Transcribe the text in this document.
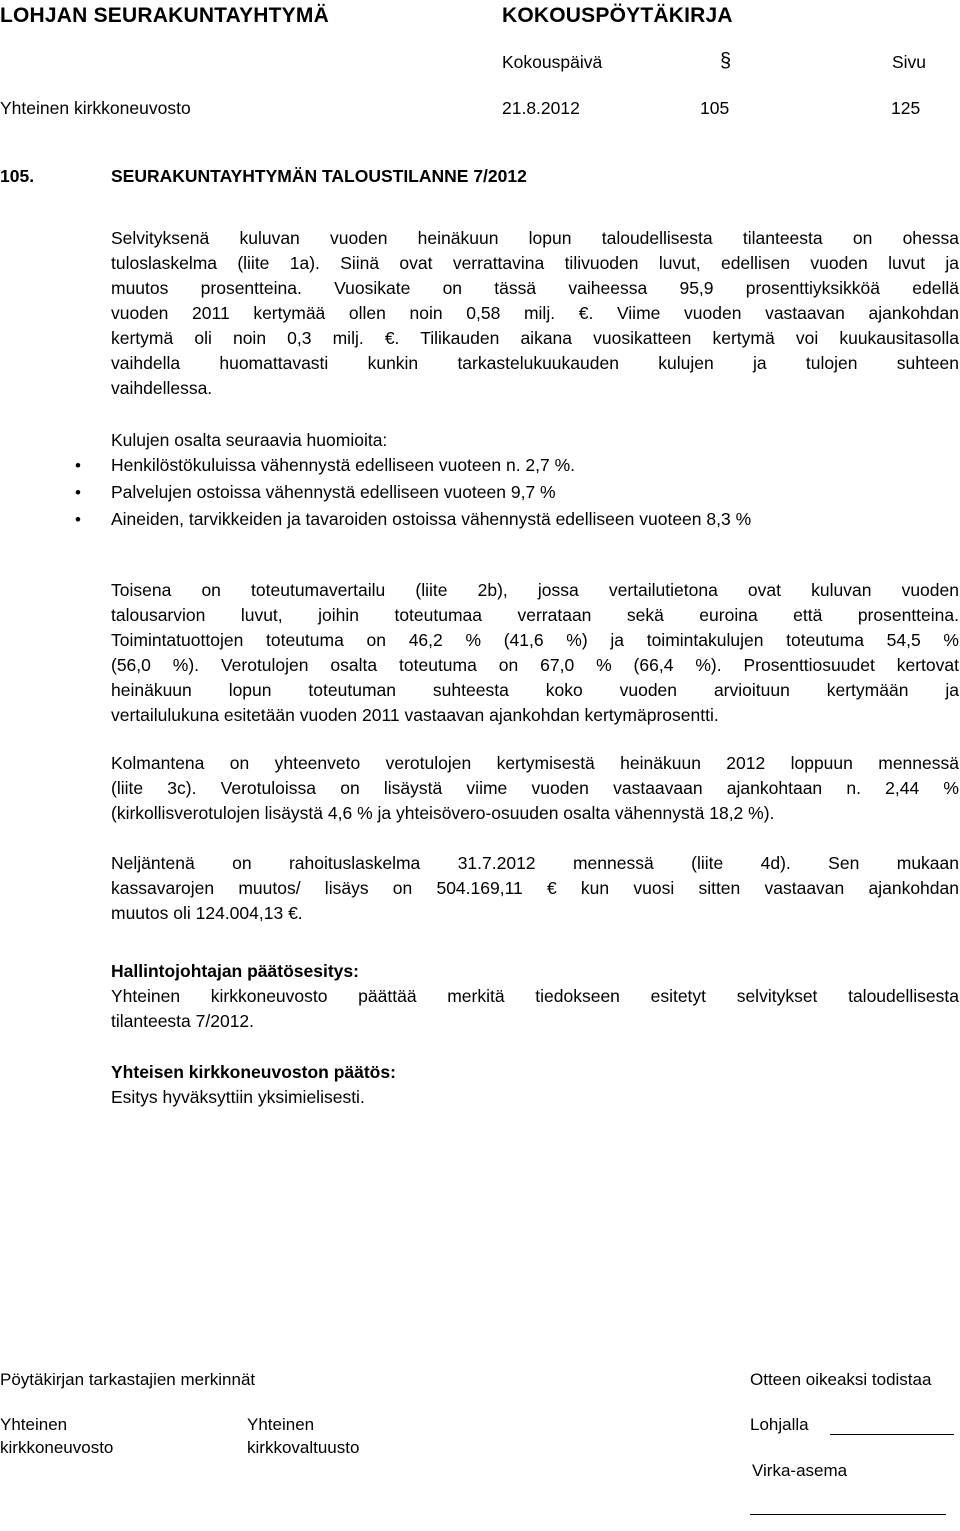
LOHJAN SEURAKUNTAYHTYMÄ	KOKOUSPÖYTÄKIRJA
Kokouspäivä	§	Sivu
Yhteinen kirkkoneuvosto	21.8.2012	105	125
105.	SEURAKUNTAYHTYMÄN TALOUSTILANNE 7/2012

Selvityksenä kuluvan vuoden heinäkuun lopun taloudellisesta tilanteesta on ohessa

tuloslaskelma (liite 1a). Siinä ovat verrattavina tilivuoden luvut, edellisen vuoden luvut ja

muutos prosentteina. Vuosikate on tässä vaiheessa 95,9 prosenttiyksikköä edellä

vuoden 2011 kertymää ollen noin 0,58 milj. €. Viime vuoden vastaavan ajankohdan

kertymä oli noin 0,3 milj. €. Tilikauden aikana vuosikatteen kertymä voi kuukausitasolla

vaihdella huomattavasti kunkin tarkastelukuukauden kulujen ja tulojen suhteen

vaihdellessa.

Kulujen osalta seuraavia huomioita:

• Henkilöstökuluissa vähennystä edelliseen vuoteen n. 2,7 %.
• Palvelujen ostoissa vähennystä edelliseen vuoteen 9,7 %
• Aineiden, tarvikkeiden ja tavaroiden ostoissa vähennystä edelliseen vuoteen 8,3 %

Toisena on toteutumavertailu (liite 2b), jossa vertailutietona ovat kuluvan vuoden

talousarvion luvut, joihin toteutumaa verrataan sekä euroina että prosentteina.

Toimintatuottojen toteutuma on 46,2 % (41,6 %) ja toimintakulujen toteutuma 54,5 %

(56,0 %). Verotulojen osalta toteutuma on 67,0 % (66,4 %). Prosenttiosuudet kertovat

heinäkuun lopun toteutuman suhteesta koko vuoden arvioituun kertymään ja

vertailulukuna esitetään vuoden 2011 vastaavan ajankohdan kertymäprosentti.

Kolmantena on yhteenveto verotulojen kertymisestä heinäkuun 2012 loppuun mennessä

(liite 3c). Verotuloissa on lisäystä viime vuoden vastaavaan ajankohtaan n. 2,44 %

(kirkollisverotulojen lisäystä 4,6 % ja yhteisövero-osuuden osalta vähennystä 18,2 %).

Neljäntenä on rahoituslaskelma 31.7.2012 mennessä (liite 4d). Sen mukaan

kassavarojen muutos/ lisäys on 504.169,11 € kun vuosi sitten vastaavan ajankohdan

muutos oli 124.004,13 €.

Hallintojohtajan päätösesitys:

Yhteinen kirkkoneuvosto päättää merkitä tiedokseen esitetyt selvitykset taloudellisesta

tilanteesta 7/2012.

Yhteisen kirkkoneuvoston päätös:

Esitys hyväksyttiin yksimielisesti.

Pöytäkirjan tarkastajien merkinnät	Otteen oikeaksi todistaa
Yhteinen
kirkkoneuvosto
Yhteinen
kirkkovaltuusto
Lohjalla
Virka-asema
